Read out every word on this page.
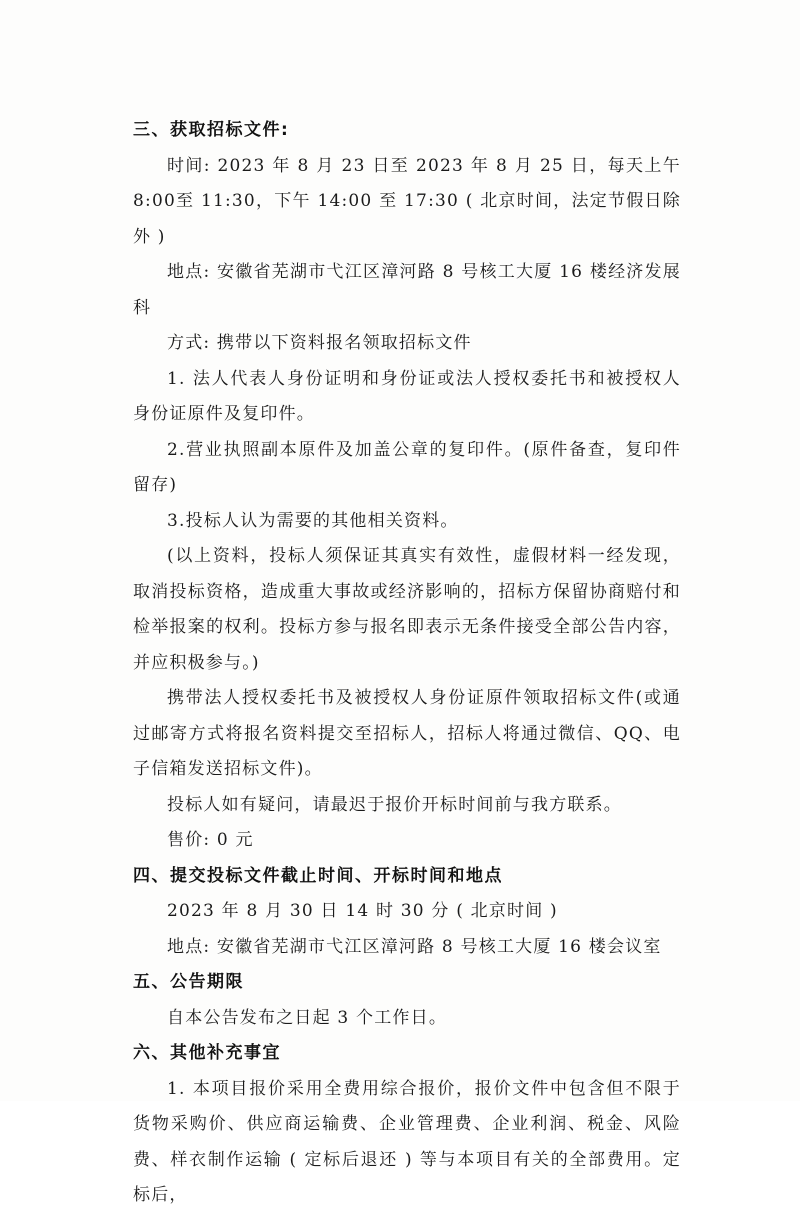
三、获取招标文件:

时间: 2023 年 8 月 23 日至 2023 年 8 月 25 日，每天上午 8:00至 11:30，下午 14:00 至 17:30 ( 北京时间，法定节假日除外 )

地点: 安徽省芜湖市弋江区漳河路 8 号核工大厦 16 楼经济发展科

方式: 携带以下资料报名领取招标文件

1. 法人代表人身份证明和身份证或法人授权委托书和被授权人身份证原件及复印件。

2.营业执照副本原件及加盖公章的复印件。(原件备查，复印件留存)

3.投标人认为需要的其他相关资料。

(以上资料，投标人须保证其真实有效性，虚假材料一经发现，取消投标资格，造成重大事故或经济影响的，招标方保留协商赔付和检举报案的权利。投标方参与报名即表示无条件接受全部公告内容，并应积极参与。)

携带法人授权委托书及被授权人身份证原件领取招标文件(或通过邮寄方式将报名资料提交至招标人，招标人将通过微信、QQ、电子信箱发送招标文件)。

投标人如有疑问，请最迟于报价开标时间前与我方联系。

售价: 0 元

四、提交投标文件截止时间、开标时间和地点

2023 年 8 月 30 日 14 时 30 分 ( 北京时间 )

地点: 安徽省芜湖市弋江区漳河路 8 号核工大厦 16 楼会议室

五、公告期限

自本公告发布之日起 3 个工作日。

六、其他补充事宜

1. 本项目报价采用全费用综合报价，报价文件中包含但不限于货物采购价、供应商运输费、企业管理费、企业利润、税金、风险费、样衣制作运输 ( 定标后退还 ) 等与本项目有关的全部费用。定标后，
